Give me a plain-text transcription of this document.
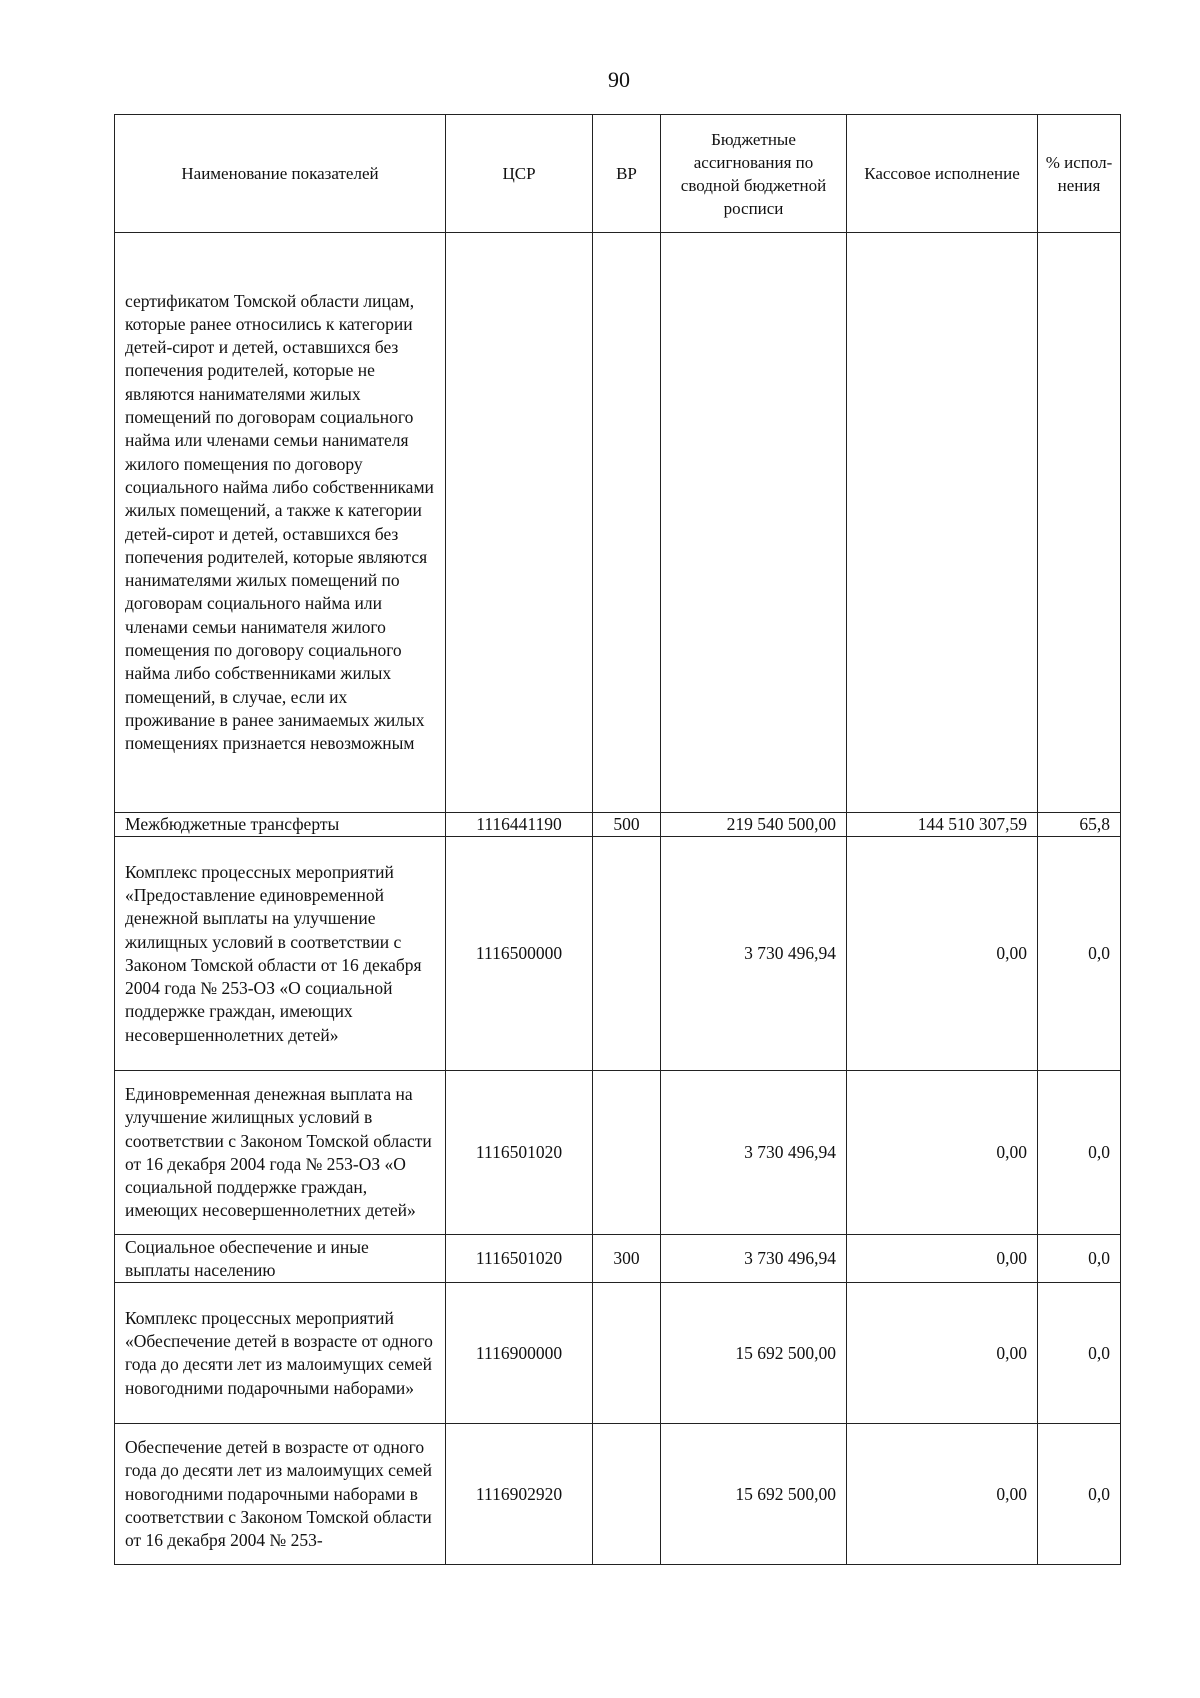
90
Наименование показателей	ЦСР	ВР	Бюджетные ассигнования по сводной бюджетной росписи	Кассовое исполнение	% испол-нения
сертификатом Томской области лицам, которые ранее относились к категории детей-сирот и детей, оставшихся без попечения родителей, которые не являются нанимателями жилых помещений по договорам социального найма или членами семьи нанимателя жилого помещения по договору социального найма либо собственниками жилых помещений, а также к категории детей-сирот и детей, оставшихся без попечения родителей, которые являются нанимателями жилых помещений по договорам социального найма или членами семьи нанимателя жилого помещения по договору социального найма либо собственниками жилых помещений, в случае, если их проживание в ранее занимаемых жилых помещениях признается невозможным					
Межбюджетные трансферты	1116441190	500	219 540 500,00	144 510 307,59	65,8
Комплекс процессных мероприятий «Предоставление единовременной денежной выплаты на улучшение жилищных условий в соответствии с Законом Томской области от 16 декабря 2004 года № 253-ОЗ «О социальной поддержке граждан, имеющих несовершеннолетних детей»	1116500000		3 730 496,94	0,00	0,0
Единовременная денежная выплата на улучшение жилищных условий в соответствии с Законом Томской области от 16 декабря 2004 года № 253-ОЗ «О социальной поддержке граждан, имеющих несовершеннолетних детей»	1116501020		3 730 496,94	0,00	0,0
Социальное обеспечение и иные выплаты населению	1116501020	300	3 730 496,94	0,00	0,0
Комплекс процессных мероприятий «Обеспечение детей в возрасте от одного года до десяти лет из малоимущих семей новогодними подарочными наборами»	1116900000		15 692 500,00	0,00	0,0
Обеспечение детей в возрасте от одного года до десяти лет из малоимущих семей новогодними подарочными наборами в соответствии с Законом Томской области от 16 декабря 2004 № 253-	1116902920		15 692 500,00	0,00	0,0
